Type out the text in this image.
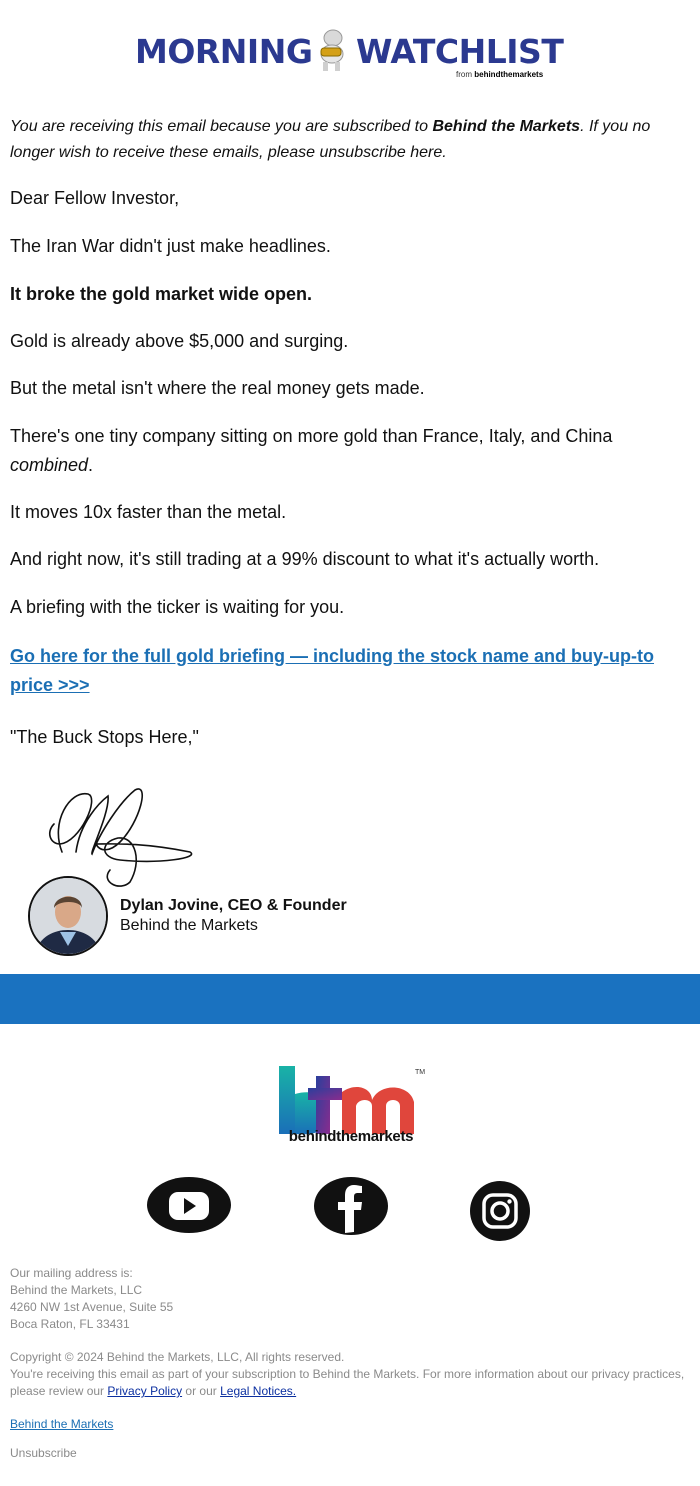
MORNING WATCHLIST
from behindthemarkets
You are receiving this email because you are subscribed to Behind the Markets. If you no longer wish to receive these emails, please unsubscribe here.

Dear Fellow Investor,

The Iran War didn't just make headlines.

It broke the gold market wide open.

Gold is already above $5,000 and surging.

But the metal isn't where the real money gets made.

There's one tiny company sitting on more gold than France, Italy, and China combined.

It moves 10x faster than the metal.

And right now, it's still trading at a 99% discount to what it's actually worth.

A briefing with the ticker is waiting for you.

Go here for the full gold briefing — including the stock name and buy-up-to price >>>

"The Buck Stops Here,"

Dylan Jovine, CEO & Founder
Behind the Markets
TM
behindthemarkets
Our mailing address is:
Behind the Markets, LLC
4260 NW 1st Avenue, Suite 55
Boca Raton, FL 33431
Copyright © 2024 Behind the Markets, LLC, All rights reserved.
You're receiving this email as part of your subscription to Behind the Markets. For more information about our privacy practices, please review our Privacy Policy or our Legal Notices.
Behind the Markets
Unsubscribe
